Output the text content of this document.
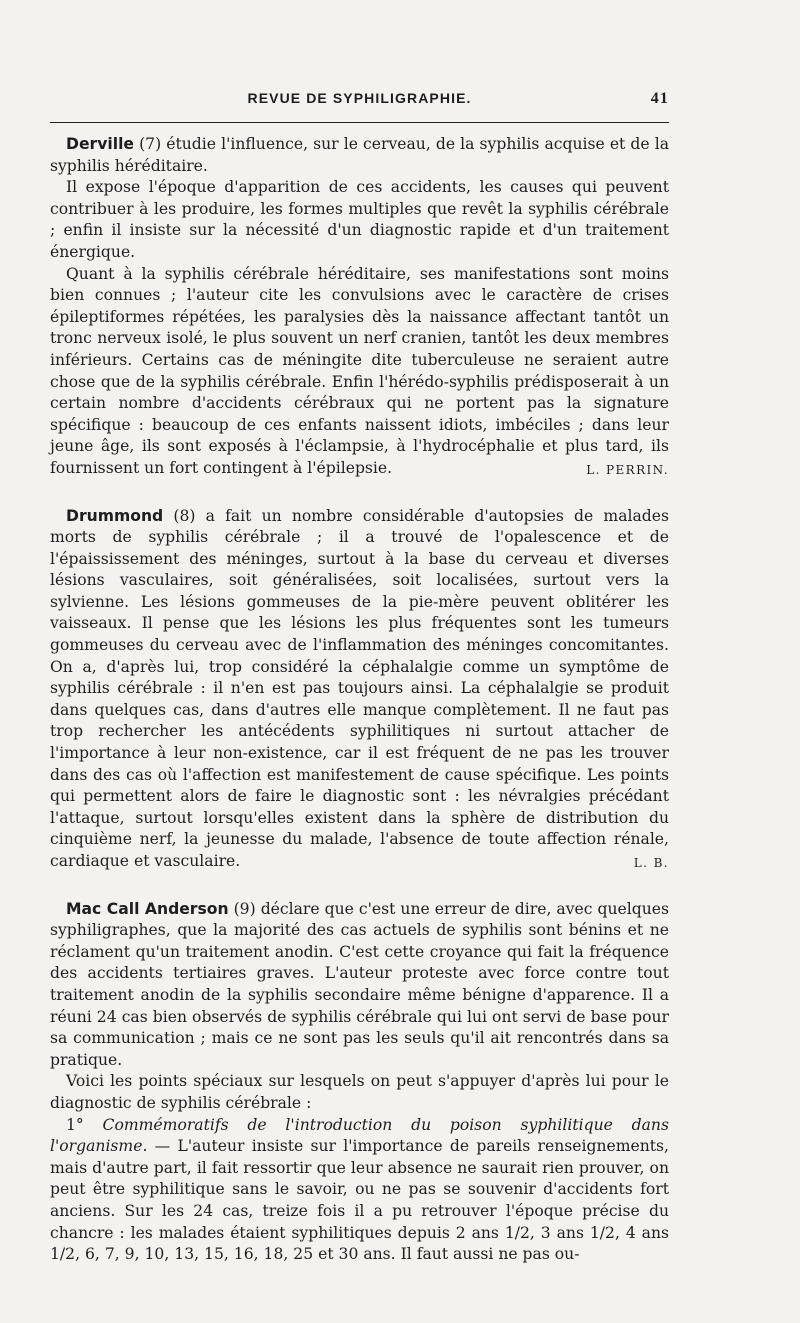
REVUE DE SYPHILIGRAPHIE.	41

Derville (7) étudie l'influence, sur le cerveau, de la syphilis acquise et de la syphilis héréditaire.

Il expose l'époque d'apparition de ces accidents, les causes qui peuvent contribuer à les produire, les formes multiples que revêt la syphilis cérébrale ; enfin il insiste sur la nécessité d'un diagnostic rapide et d'un traitement énergique.

Quant à la syphilis cérébrale héréditaire, ses manifestations sont moins bien connues ; l'auteur cite les convulsions avec le caractère de crises épileptiformes répétées, les paralysies dès la naissance affectant tantôt un tronc nerveux isolé, le plus souvent un nerf cranien, tantôt les deux membres inférieurs. Certains cas de méningite dite tuberculeuse ne seraient autre chose que de la syphilis cérébrale. Enfin l'hérédo-syphilis prédisposerait à un certain nombre d'accidents cérébraux qui ne portent pas la signature spécifique : beaucoup de ces enfants naissent idiots, imbéciles ; dans leur jeune âge, ils sont exposés à l'éclampsie, à l'hydrocéphalie et plus tard, ils fournissent un fort contingent à l'épilepsie.	L. PERRIN.

Drummond (8) a fait un nombre considérable d'autopsies de malades morts de syphilis cérébrale ; il a trouvé de l'opalescence et de l'épaississement des méninges, surtout à la base du cerveau et diverses lésions vasculaires, soit généralisées, soit localisées, surtout vers la sylvienne. Les lésions gommeuses de la pie-mère peuvent oblitérer les vaisseaux. Il pense que les lésions les plus fréquentes sont les tumeurs gommeuses du cerveau avec de l'inflammation des méninges concomitantes. On a, d'après lui, trop considéré la céphalalgie comme un symptôme de syphilis cérébrale : il n'en est pas toujours ainsi. La céphalalgie se produit dans quelques cas, dans d'autres elle manque complètement. Il ne faut pas trop rechercher les antécédents syphilitiques ni surtout attacher de l'importance à leur non-existence, car il est fréquent de ne pas les trouver dans des cas où l'affection est manifestement de cause spécifique. Les points qui permettent alors de faire le diagnostic sont : les névralgies précédant l'attaque, surtout lorsqu'elles existent dans la sphère de distribution du cinquième nerf, la jeunesse du malade, l'absence de toute affection rénale, cardiaque et vasculaire.	L. B.

Mac Call Anderson (9) déclare que c'est une erreur de dire, avec quelques syphiligraphes, que la majorité des cas actuels de syphilis sont bénins et ne réclament qu'un traitement anodin. C'est cette croyance qui fait la fréquence des accidents tertiaires graves. L'auteur proteste avec force contre tout traitement anodin de la syphilis secondaire même bénigne d'apparence. Il a réuni 24 cas bien observés de syphilis cérébrale qui lui ont servi de base pour sa communication ; mais ce ne sont pas les seuls qu'il ait rencontrés dans sa pratique.

Voici les points spéciaux sur lesquels on peut s'appuyer d'après lui pour le diagnostic de syphilis cérébrale :

1° Commémoratifs de l'introduction du poison syphilitique dans l'organisme. — L'auteur insiste sur l'importance de pareils renseignements, mais d'autre part, il fait ressortir que leur absence ne saurait rien prouver, on peut être syphilitique sans le savoir, ou ne pas se souvenir d'accidents fort anciens. Sur les 24 cas, treize fois il a pu retrouver l'époque précise du chancre : les malades étaient syphilitiques depuis 2 ans 1/2, 3 ans 1/2, 4 ans 1/2, 6, 7, 9, 10, 13, 15, 16, 18, 25 et 30 ans. Il faut aussi ne pas ou-
